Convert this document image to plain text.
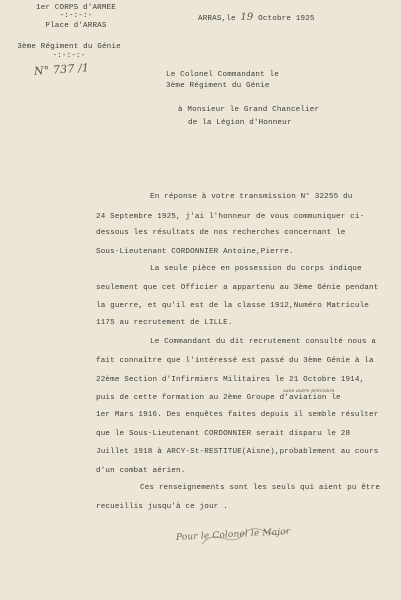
1er CORPS d'ARMEE
-:-:-:-
Place d'ARRAS
3ème Régiment du Génie
-:-:-:-
N° 737 /1
ARRAS,le 19 Octobre 1925
Le Colonel Commandant le
3ème Régiment du Génie
à Monsieur le Grand Chancelier
de la Légion d'Honneur
En réponse à votre transmission N° 32255 du
24 Septembre 1925, j'ai l'honneur de vous communiquer ci-
dessous les résultats de nos recherches concernant le
Sous-Lieutenant CORDONNIER Antoine,Pierre.
La seule pièce en possession du corps indique
seulement que cet Officier a appartenu au 3ème Génie pendant
la guerre, et qu'il est de la classe 1912,Numéro Matricule
1175 au recrutement de LILLE.
Le Commandant du dit recrutement consulté nous a
fait connaître que l'intéressé est passé du 3ème Génie à la
22ème Section d'Infirmiers Militaires le 21 Octobre 1914,
sans autre précision
puis de cette formation au 2ème Groupe d'aviation le
1er Mars 1916. Des enquêtes faites depuis il semble résulter
que le Sous-Lieutenant CORDONNIER serait disparu le 28
Juillet 1918 à ARCY-St-RESTITUE(Aisne),probablement au cours
d'un combat aérien.
Ces renseignements sont les seuls qui aient pu être
recueillis jusqu'à ce jour .
Pour le Colonel le Major
